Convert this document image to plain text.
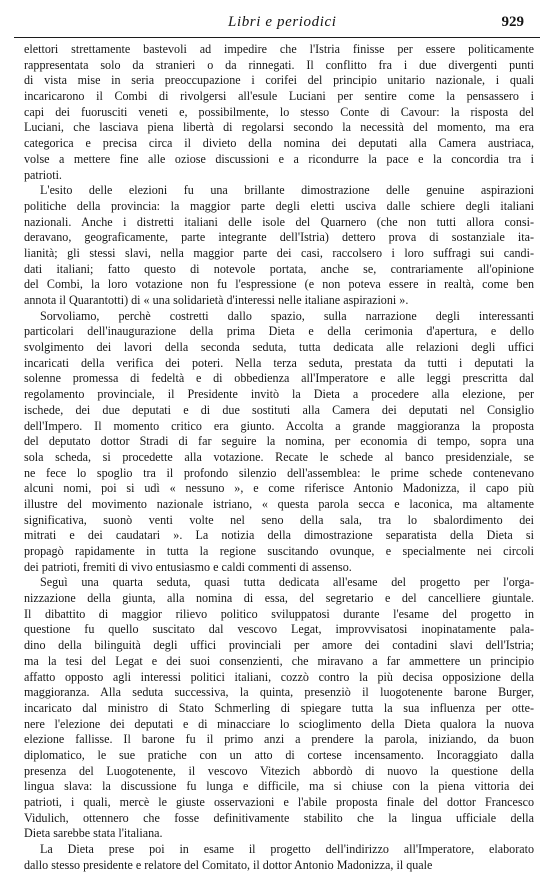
Libri e periodici	929
elettori strettamente bastevoli ad impedire che l'Istria finisse per essere politicamente
rappresentata solo da stranieri o da rinnegati. Il conflitto fra i due divergenti punti
di vista mise in seria preoccupazione i corifei del principio unitario nazionale, i quali
incaricarono il Combi di rivolgersi all'esule Luciani per sentire come la pensassero i
capi dei fuorusciti veneti e, possibilmente, lo stesso Conte di Cavour: la risposta del
Luciani, che lasciava piena libertà di regolarsi secondo la necessità del momento, ma era
categorica e precisa circa il divieto della nomina dei deputati alla Camera austriaca,
volse a mettere fine alle oziose discussioni e a ricondurre la pace e la concordia tra i
patrioti.
L'esito delle elezioni fu una brillante dimostrazione delle genuine aspirazioni
politiche della provincia: la maggior parte degli eletti usciva dalle schiere degli italiani
nazionali. Anche i distretti italiani delle isole del Quarnero (che non tutti allora consi-
deravano, geograficamente, parte integrante dell'Istria) dettero prova di sostanziale ita-
lianità; gli stessi slavi, nella maggior parte dei casi, raccolsero i loro suffragi sui candi-
dati italiani; fatto questo di notevole portata, anche se, contrariamente all'opinione
del Combi, la loro votazione non fu l'espressione (e non poteva essere in realtà, come ben
annota il Quarantotti) di « una solidarietà d'interessi nelle italiane aspirazioni ».
Sorvoliamo, perchè costretti dallo spazio, sulla narrazione degli interessanti
particolari dell'inaugurazione della prima Dieta e della cerimonia d'apertura, e dello
svolgimento dei lavori della seconda seduta, tutta dedicata alle relazioni degli uffici
incaricati della verifica dei poteri. Nella terza seduta, prestata da tutti i deputati la
solenne promessa di fedeltà e di obbedienza all'Imperatore e alle leggi prescritta dal
regolamento provinciale, il Presidente invitò la Dieta a procedere alla elezione, per
ischede, dei due deputati e di due sostituti alla Camera dei deputati nel Consiglio
dell'Impero. Il momento critico era giunto. Accolta a grande maggioranza la proposta
del deputato dottor Stradi di far seguire la nomina, per economia di tempo, sopra una
sola scheda, si procedette alla votazione. Recate le schede al banco presidenziale, se
ne fece lo spoglio tra il profondo silenzio dell'assemblea: le prime schede contenevano
alcuni nomi, poi si udì « nessuno », e come riferisce Antonio Madonizza, il capo più
illustre del movimento nazionale istriano, « questa parola secca e laconica, ma altamente
significativa, suonò venti volte nel seno della sala, tra lo sbalordimento dei
mitrati e dei caudatari ». La notizia della dimostrazione separatista della Dieta si
propagò rapidamente in tutta la regione suscitando ovunque, e specialmente nei circoli
dei patrioti, fremiti di vivo entusiasmo e caldi commenti di assenso.
Seguì una quarta seduta, quasi tutta dedicata all'esame del progetto per l'orga-
nizzazione della giunta, alla nomina di essa, del segretario e del cancelliere giuntale.
Il dibattito di maggior rilievo politico sviluppatosi durante l'esame del progetto in
questione fu quello suscitato dal vescovo Legat, improvvisatosi inopinatamente pala-
dino della bilinguità degli uffici provinciali per amore dei contadini slavi dell'Istria;
ma la tesi del Legat e dei suoi consenzienti, che miravano a far ammettere un principio
affatto opposto agli interessi politici italiani, cozzò contro la più decisa opposizione della
maggioranza. Alla seduta successiva, la quinta, presenziò il luogotenente barone Burger,
incaricato dal ministro di Stato Schmerling di spiegare tutta la sua influenza per otte-
nere l'elezione dei deputati e di minacciare lo scioglimento della Dieta qualora la nuova
elezione fallisse. Il barone fu il primo anzi a prendere la parola, iniziando, da buon
diplomatico, le sue pratiche con un atto di cortese incensamento. Incoraggiato dalla
presenza del Luogotenente, il vescovo Vitezich abbordò di nuovo la questione della
lingua slava: la discussione fu lunga e difficile, ma si chiuse con la piena vittoria dei
patrioti, i quali, mercè le giuste osservazioni e l'abile proposta finale del dottor Francesco
Vidulich, ottennero che fosse definitivamente stabilito che la lingua ufficiale della
Dieta sarebbe stata l'italiana.
La Dieta prese poi in esame il progetto dell'indirizzo all'Imperatore, elaborato
dallo stesso presidente e relatore del Comitato, il dottor Antonio Madonizza, il quale
